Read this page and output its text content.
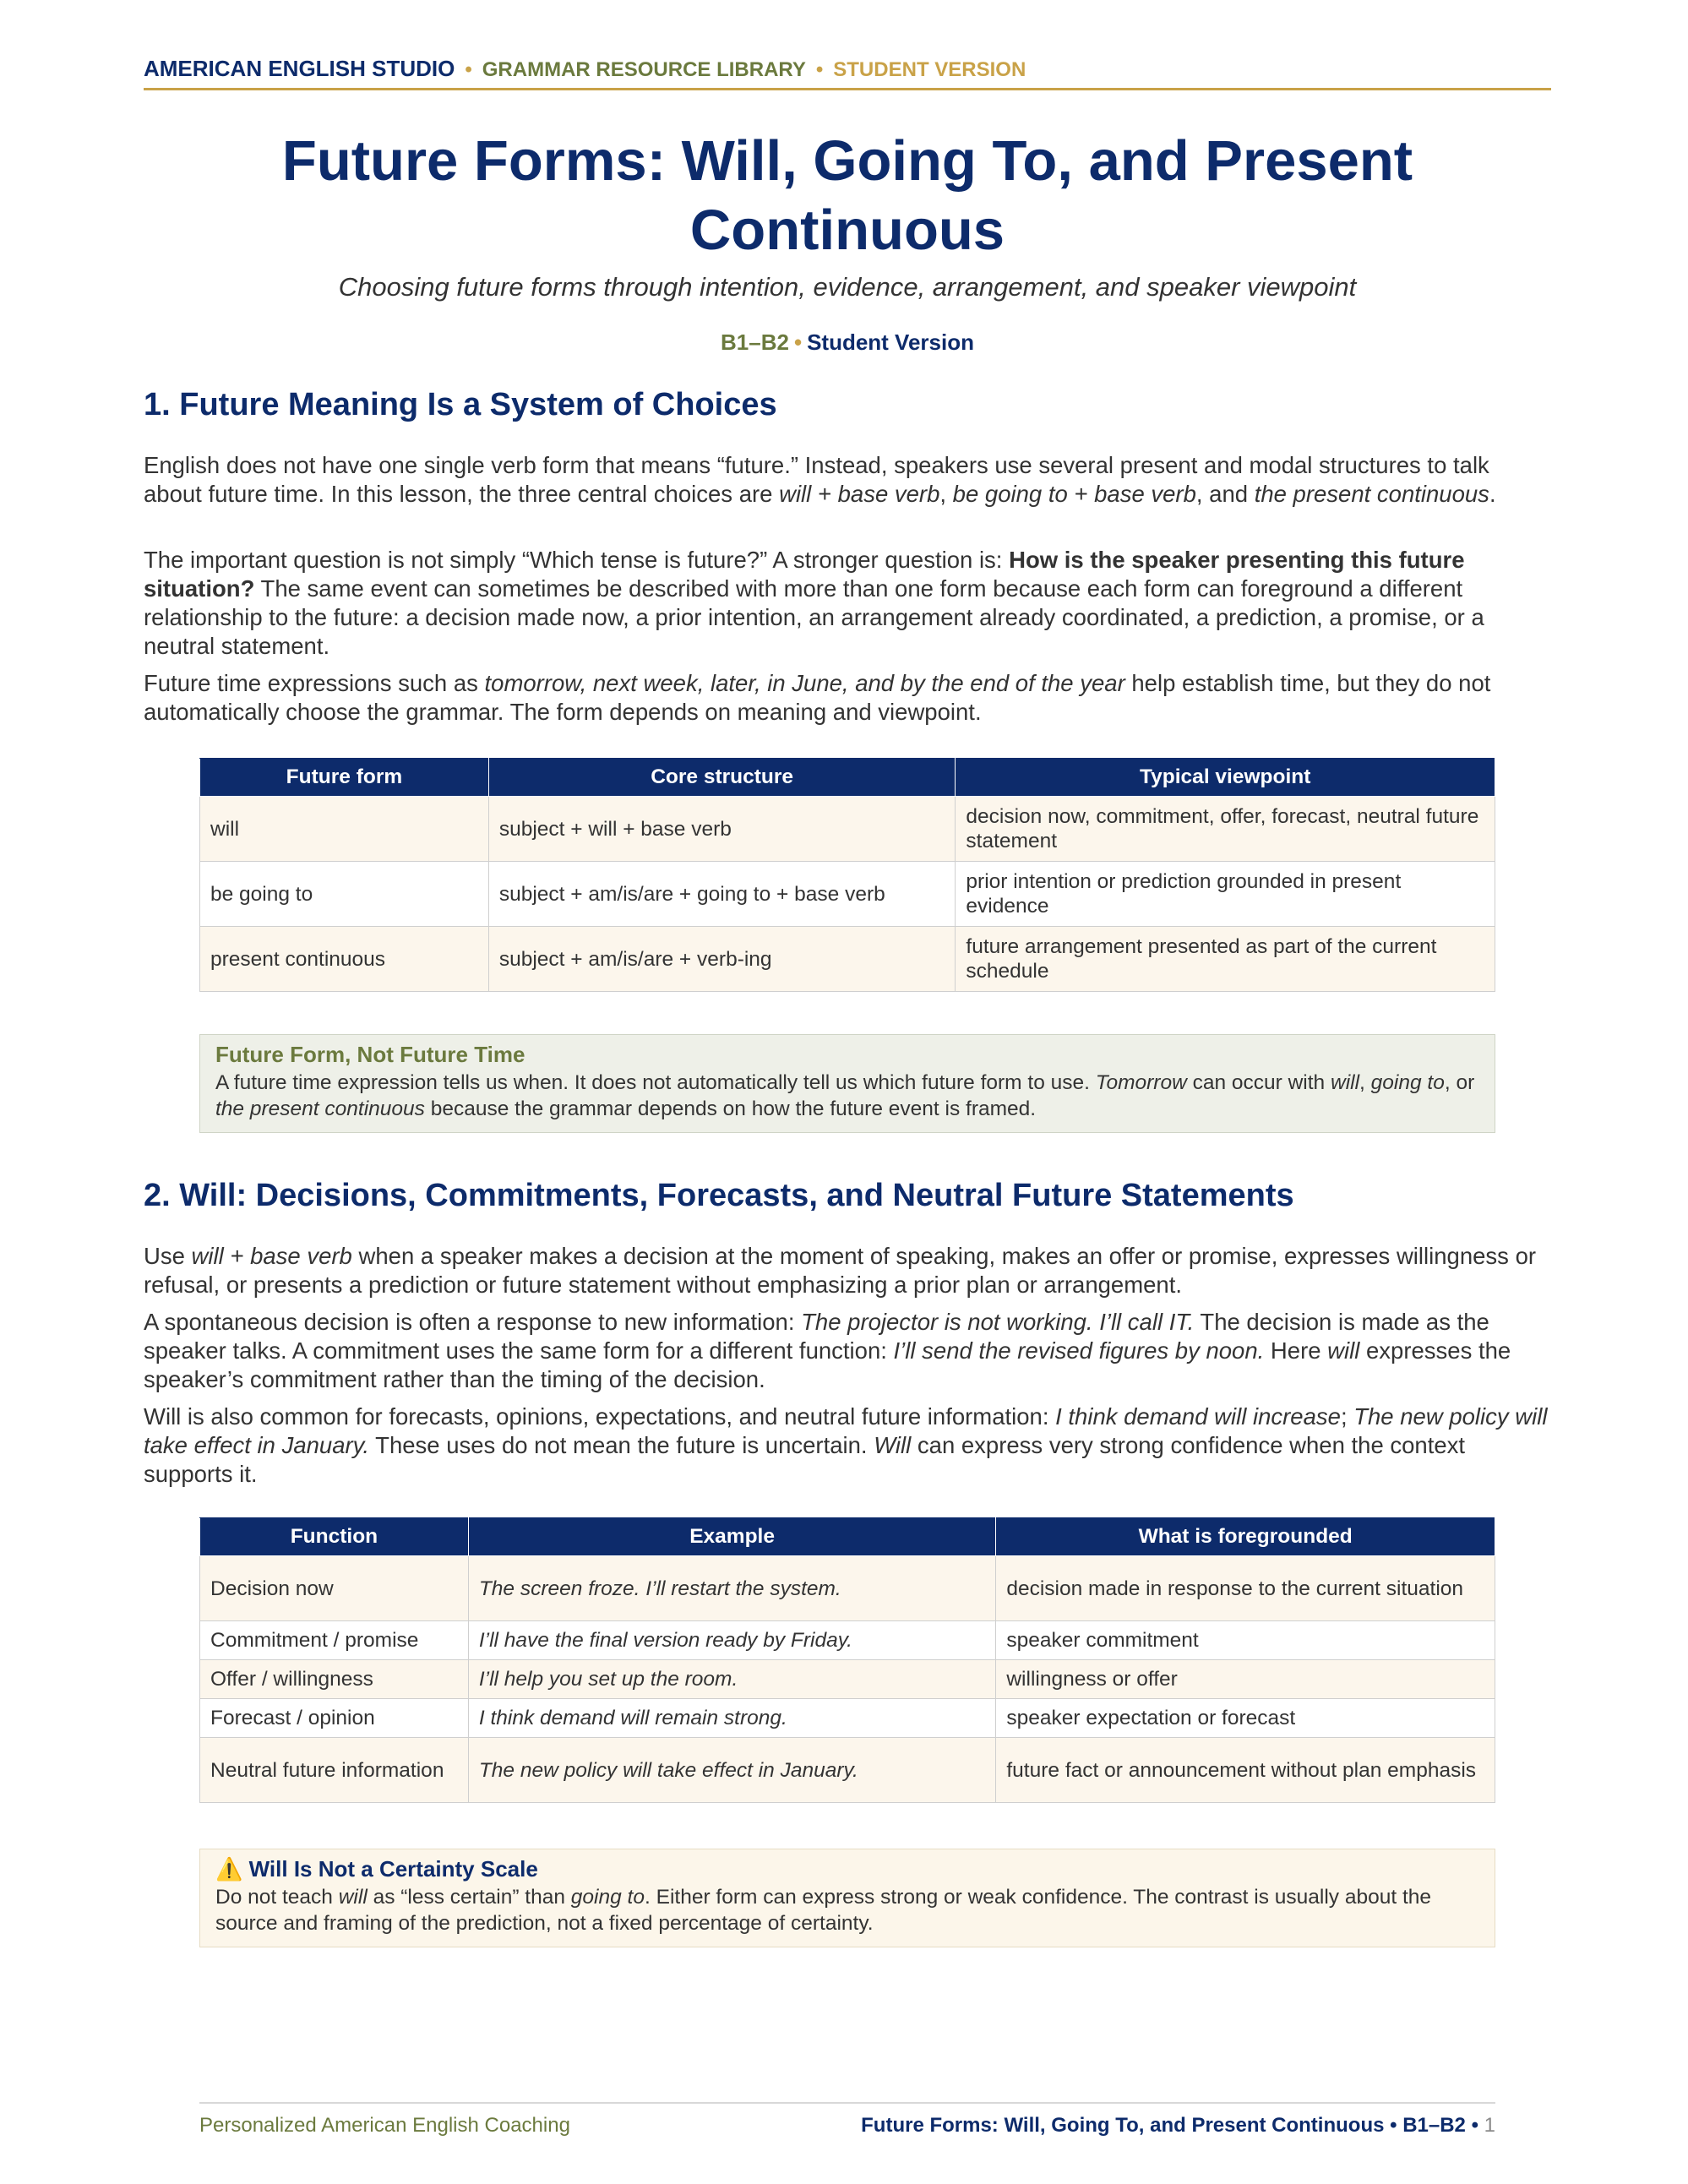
AMERICAN ENGLISH STUDIO • GRAMMAR RESOURCE LIBRARY • STUDENT VERSION
Future Forms: Will, Going To, and Present Continuous
Choosing future forms through intention, evidence, arrangement, and speaker viewpoint
B1–B2 • Student Version
1. Future Meaning Is a System of Choices

English does not have one single verb form that means “future.” Instead, speakers use several present and modal structures to talk about future time. In this lesson, the three central choices are will + base verb, be going to + base verb, and the present continuous.

The important question is not simply “Which tense is future?” A stronger question is: How is the speaker presenting this future situation? The same event can sometimes be described with more than one form because each form can foreground a different relationship to the future: a decision made now, a prior intention, an arrangement already coordinated, a prediction, a promise, or a neutral statement.

Future time expressions such as tomorrow, next week, later, in June, and by the end of the year help establish time, but they do not automatically choose the grammar. The form depends on meaning and viewpoint.

Future form	Core structure	Typical viewpoint
will	subject + will + base verb	decision now, commitment, offer, forecast, neutral future statement
be going to	subject + am/is/are + going to + base verb	prior intention or prediction grounded in present evidence
present continuous	subject + am/is/are + verb-ing	future arrangement presented as part of the current schedule
Future Form, Not Future Time
A future time expression tells us when. It does not automatically tell us which future form to use. Tomorrow can occur with will, going to, or the present continuous because the grammar depends on how the future event is framed.
2. Will: Decisions, Commitments, Forecasts, and Neutral Future Statements

Use will + base verb when a speaker makes a decision at the moment of speaking, makes an offer or promise, expresses willingness or refusal, or presents a prediction or future statement without emphasizing a prior plan or arrangement.

A spontaneous decision is often a response to new information: The projector is not working. I’ll call IT. The decision is made as the speaker talks. A commitment uses the same form for a different function: I’ll send the revised figures by noon. Here will expresses the speaker’s commitment rather than the timing of the decision.

Will is also common for forecasts, opinions, expectations, and neutral future information: I think demand will increase; The new policy will take effect in January. These uses do not mean the future is uncertain. Will can express very strong confidence when the context supports it.

Function	Example	What is foregrounded
Decision now	The screen froze. I’ll restart the system.	decision made in response to the current situation
Commitment / promise	I’ll have the final version ready by Friday.	speaker commitment
Offer / willingness	I’ll help you set up the room.	willingness or offer
Forecast / opinion	I think demand will remain strong.	speaker expectation or forecast
Neutral future information	The new policy will take effect in January.	future fact or announcement without plan emphasis
⚠️ Will Is Not a Certainty Scale
Do not teach will as “less certain” than going to. Either form can express strong or weak confidence. The contrast is usually about the source and framing of the prediction, not a fixed percentage of certainty.
Personalized American English Coaching	Future Forms: Will, Going To, and Present Continuous • B1–B2 • 1
